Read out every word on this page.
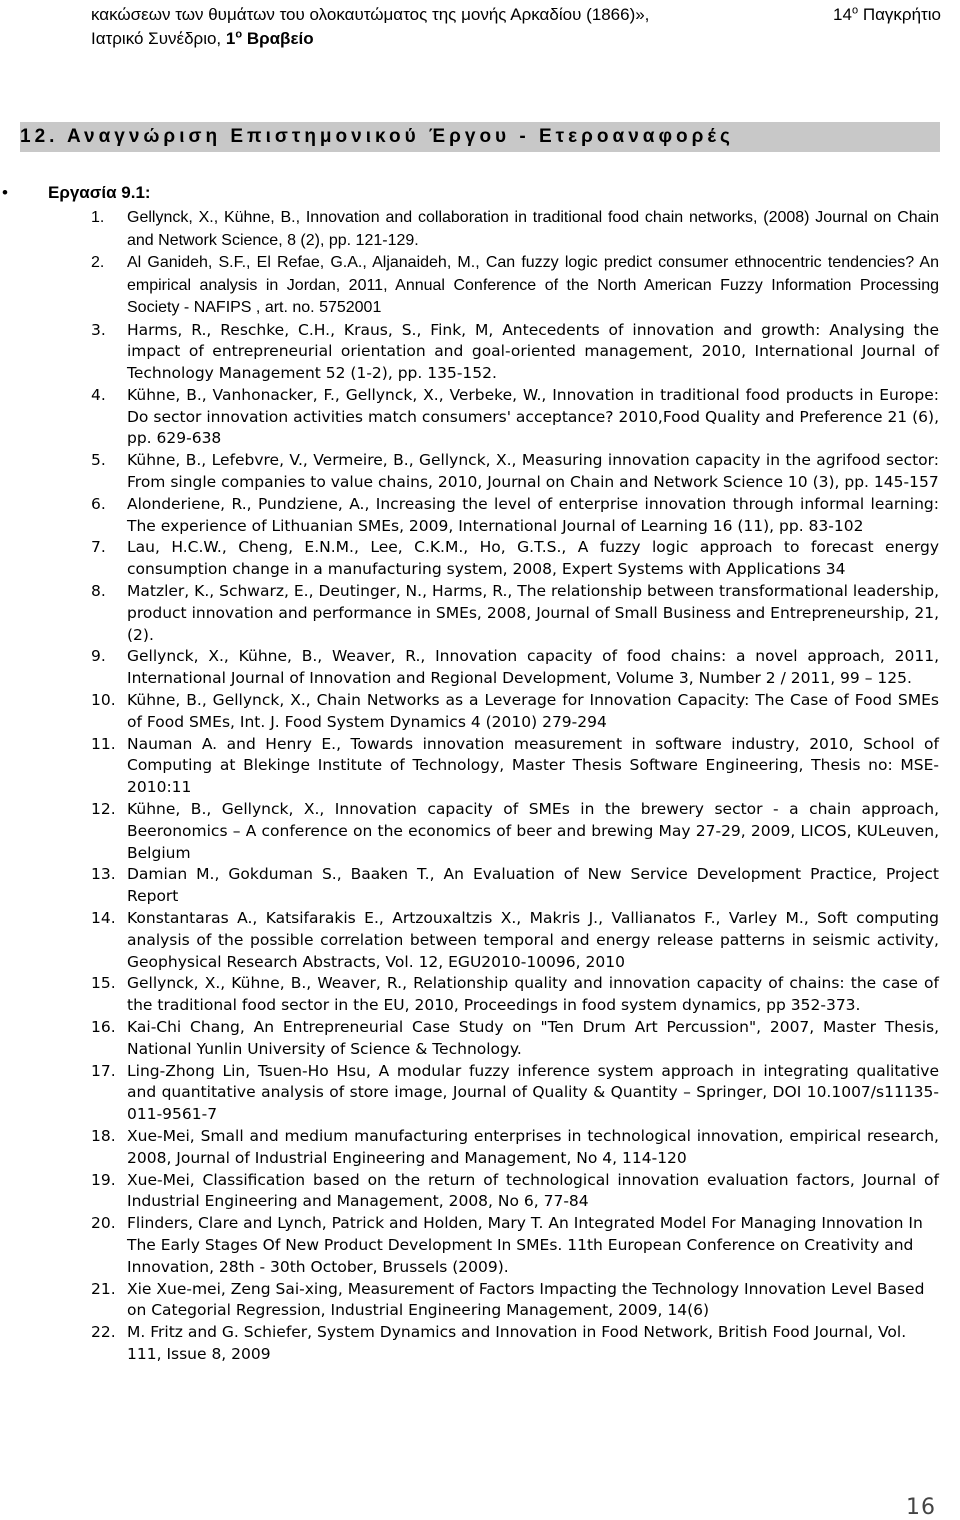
κακώσεων των θυμάτων του ολοκαυτώματος της μονής Αρκαδίου (1866)»,	$14^o$ Παγκρήτιο
Ιατρικό Συνέδριο, $1^o$ Βραβείο
12. Αναγνώριση Επιστημονικού Έργου - Ετεροαναφορές
• Εργασία 9.1:
1. Gellynck, X., Kühne, B., Innovation and collaboration in traditional food chain networks, (2008) Journal on Chain and Network Science, 8 (2), pp. 121-129.
2. Al Ganideh, S.F., El Refae, G.A., Aljanaideh, M., Can fuzzy logic predict consumer ethnocentric tendencies? An empirical analysis in Jordan, 2011, Annual Conference of the North American Fuzzy Information Processing Society - NAFIPS , art. no. 5752001
3. Harms, R., Reschke, C.H., Kraus, S., Fink, M, Antecedents of innovation and growth: Analysing the impact of entrepreneurial orientation and goal-oriented management, 2010, International Journal of Technology Management 52 (1-2), pp. 135-152.
4. Kühne, B., Vanhonacker, F., Gellynck, X., Verbeke, W., Innovation in traditional food products in Europe: Do sector innovation activities match consumers' acceptance? 2010,Food Quality and Preference 21 (6), pp. 629-638
5. Kühne, B., Lefebvre, V., Vermeire, B., Gellynck, X., Measuring innovation capacity in the agrifood sector: From single companies to value chains, 2010, Journal on Chain and Network Science 10 (3), pp. 145-157
6. Alonderiene, R., Pundziene, A., Increasing the level of enterprise innovation through informal learning: The experience of Lithuanian SMEs, 2009, International Journal of Learning 16 (11), pp. 83-102
7. Lau, H.C.W., Cheng, E.N.M., Lee, C.K.M., Ho, G.T.S., A fuzzy logic approach to forecast energy consumption change in a manufacturing system, 2008, Expert Systems with Applications 34
8. Matzler, K., Schwarz, E., Deutinger, N., Harms, R., The relationship between transformational leadership, product innovation and performance in SMEs, 2008, Journal of Small Business and Entrepreneurship, 21, (2).
9. Gellynck, X., Kühne, B., Weaver, R., Innovation capacity of food chains: a novel approach, 2011, International Journal of Innovation and Regional Development, Volume 3, Number 2 / 2011, 99 – 125.
10. Kühne, B., Gellynck, X., Chain Networks as a Leverage for Innovation Capacity: The Case of Food SMEs of Food SMEs, Int. J. Food System Dynamics 4 (2010) 279-294
11. Nauman A. and Henry E., Towards innovation measurement in software industry, 2010, School of Computing at Blekinge Institute of Technology, Master Thesis Software Engineering, Thesis no: MSE-2010:11
12. Kühne, B., Gellynck, X., Innovation capacity of SMEs in the brewery sector - a chain approach, Beeronomics – A conference on the economics of beer and brewing May 27-29, 2009, LICOS, KULeuven, Belgium
13. Damian M., Gokduman S., Baaken T., An Evaluation of New Service Development Practice, Project Report
14. Konstantaras A., Katsifarakis E., Artzouxaltzis X., Makris J., Vallianatos F., Varley M., Soft computing analysis of the possible correlation between temporal and energy release patterns in seismic activity, Geophysical Research Abstracts, Vol. 12, EGU2010-10096, 2010
15. Gellynck, X., Kühne, B., Weaver, R., Relationship quality and innovation capacity of chains: the case of the traditional food sector in the EU, 2010, Proceedings in food system dynamics, pp 352-373.
16. Kai-Chi Chang, An Entrepreneurial Case Study on "Ten Drum Art Percussion", 2007, Master Thesis, National Yunlin University of Science & Technology.
17. Ling-Zhong Lin, Tsuen-Ho Hsu, A modular fuzzy inference system approach in integrating qualitative and quantitative analysis of store image, Journal of Quality & Quantity – Springer, DOI 10.1007/s11135-011-9561-7
18. Xue-Mei, Small and medium manufacturing enterprises in technological innovation, empirical research, 2008, Journal of Industrial Engineering and Management, No 4, 114-120
19. Xue-Mei, Classification based on the return of technological innovation evaluation factors, Journal of Industrial Engineering and Management, 2008, No 6, 77-84
20. Flinders, Clare and Lynch, Patrick and Holden, Mary T. An Integrated Model For Managing Innovation In The Early Stages Of New Product Development In SMEs. 11th European Conference on Creativity and Innovation, 28th - 30th October, Brussels (2009).
21. Xie Xue-mei, Zeng Sai-xing, Measurement of Factors Impacting the Technology Innovation Level Based on Categorial Regression, Industrial Engineering Management, 2009, 14(6)
22. M. Fritz and G. Schiefer, System Dynamics and Innovation in Food Network, British Food Journal, Vol. 111, Issue 8, 2009
16
